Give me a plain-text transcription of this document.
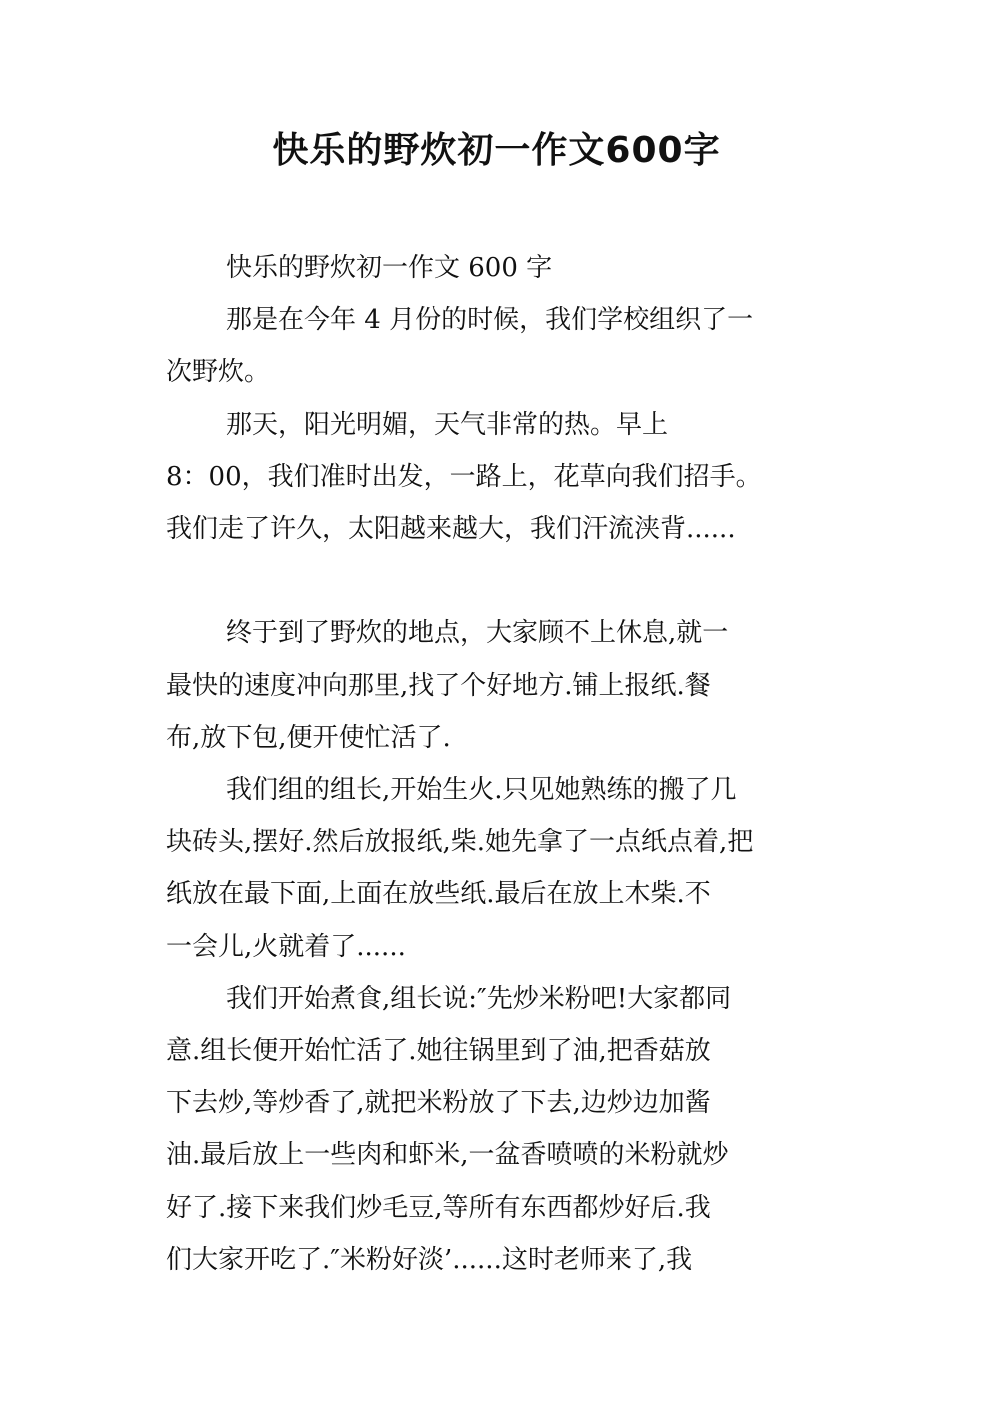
快乐的野炊初一作文600字
快乐的野炊初一作文 600 字
那是在今年 4 月份的时候，我们学校组织了一
次野炊。
那天，阳光明媚，天气非常的热。早上
8：00，我们准时出发，一路上，花草向我们招手。
我们走了许久，太阳越来越大，我们汗流浃背......
终于到了野炊的地点，大家顾不上休息,就一
最快的速度冲向那里,找了个好地方.铺上报纸.餐
布,放下包,便开使忙活了.
我们组的组长,开始生火.只见她熟练的搬了几
块砖头,摆好.然后放报纸,柴.她先拿了一点纸点着,把
纸放在最下面,上面在放些纸.最后在放上木柴.不
一会儿,火就着了......
我们开始煮食,组长说:″先炒米粉吧!大家都同
意.组长便开始忙活了.她往锅里到了油,把香菇放
下去炒,等炒香了,就把米粉放了下去,边炒边加酱
油.最后放上一些肉和虾米,一盆香喷喷的米粉就炒
好了.接下来我们炒毛豆,等所有东西都炒好后.我
们大家开吃了.″米粉好淡’......这时老师来了,我
